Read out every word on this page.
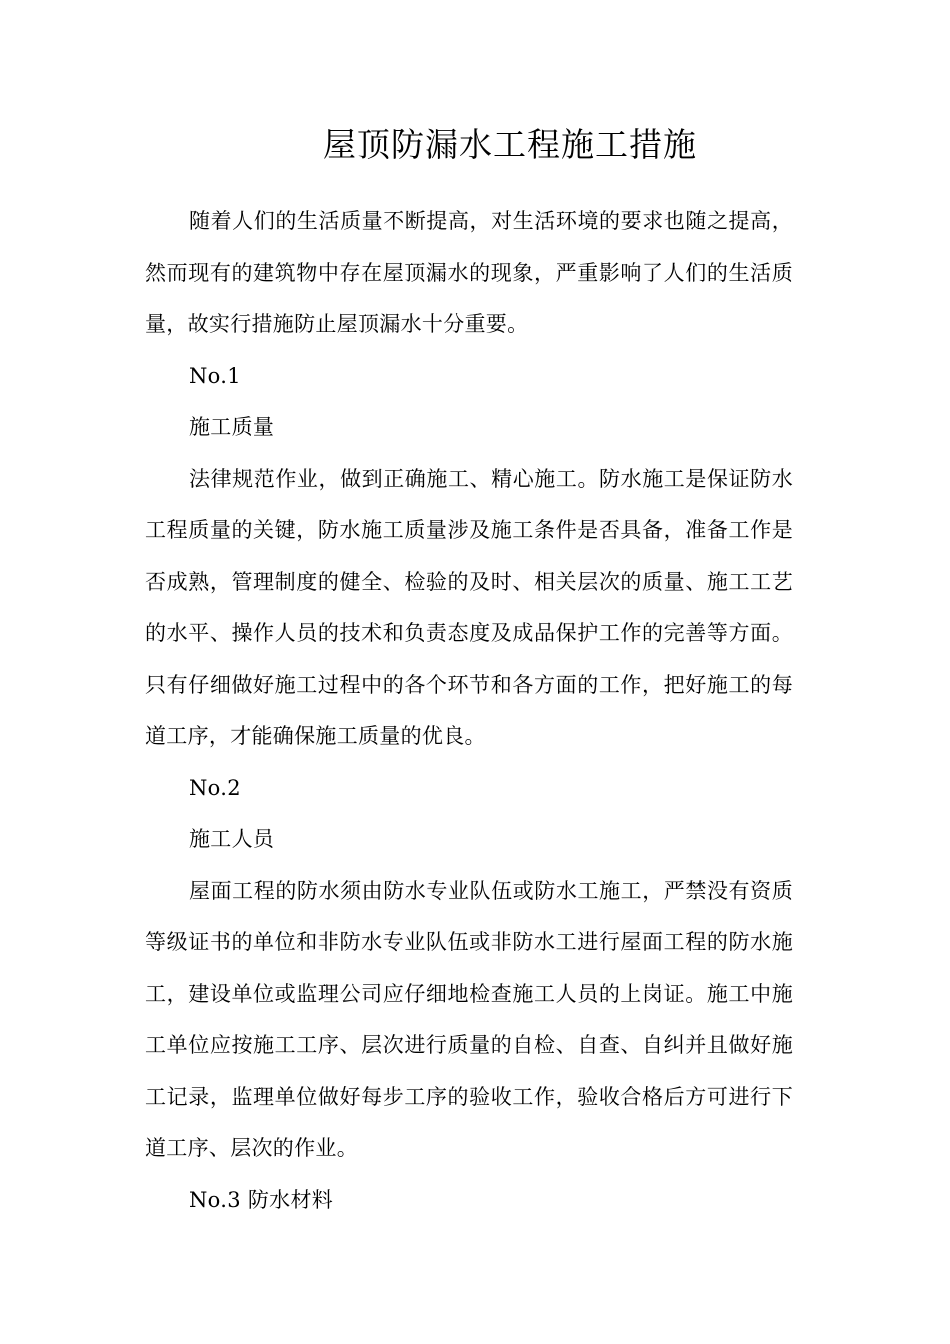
屋顶防漏水工程施工措施

随着人们的生活质量不断提高，对生活环境的要求也随之提高，然而现有的建筑物中存在屋顶漏水的现象，严重影响了人们的生活质量，故实行措施防止屋顶漏水十分重要。

No.1

施工质量

法律规范作业，做到正确施工、精心施工。防水施工是保证防水工程质量的关键，防水施工质量涉及施工条件是否具备，准备工作是否成熟，管理制度的健全、检验的及时、相关层次的质量、施工工艺的水平、操作人员的技术和负责态度及成品保护工作的完善等方面。只有仔细做好施工过程中的各个环节和各方面的工作，把好施工的每道工序，才能确保施工质量的优良。

No.2

施工人员

屋面工程的防水须由防水专业队伍或防水工施工，严禁没有资质等级证书的单位和非防水专业队伍或非防水工进行屋面工程的防水施工，建设单位或监理公司应仔细地检查施工人员的上岗证。施工中施工单位应按施工工序、层次进行质量的自检、自查、自纠并且做好施工记录，监理单位做好每步工序的验收工作，验收合格后方可进行下道工序、层次的作业。

No.3 防水材料
